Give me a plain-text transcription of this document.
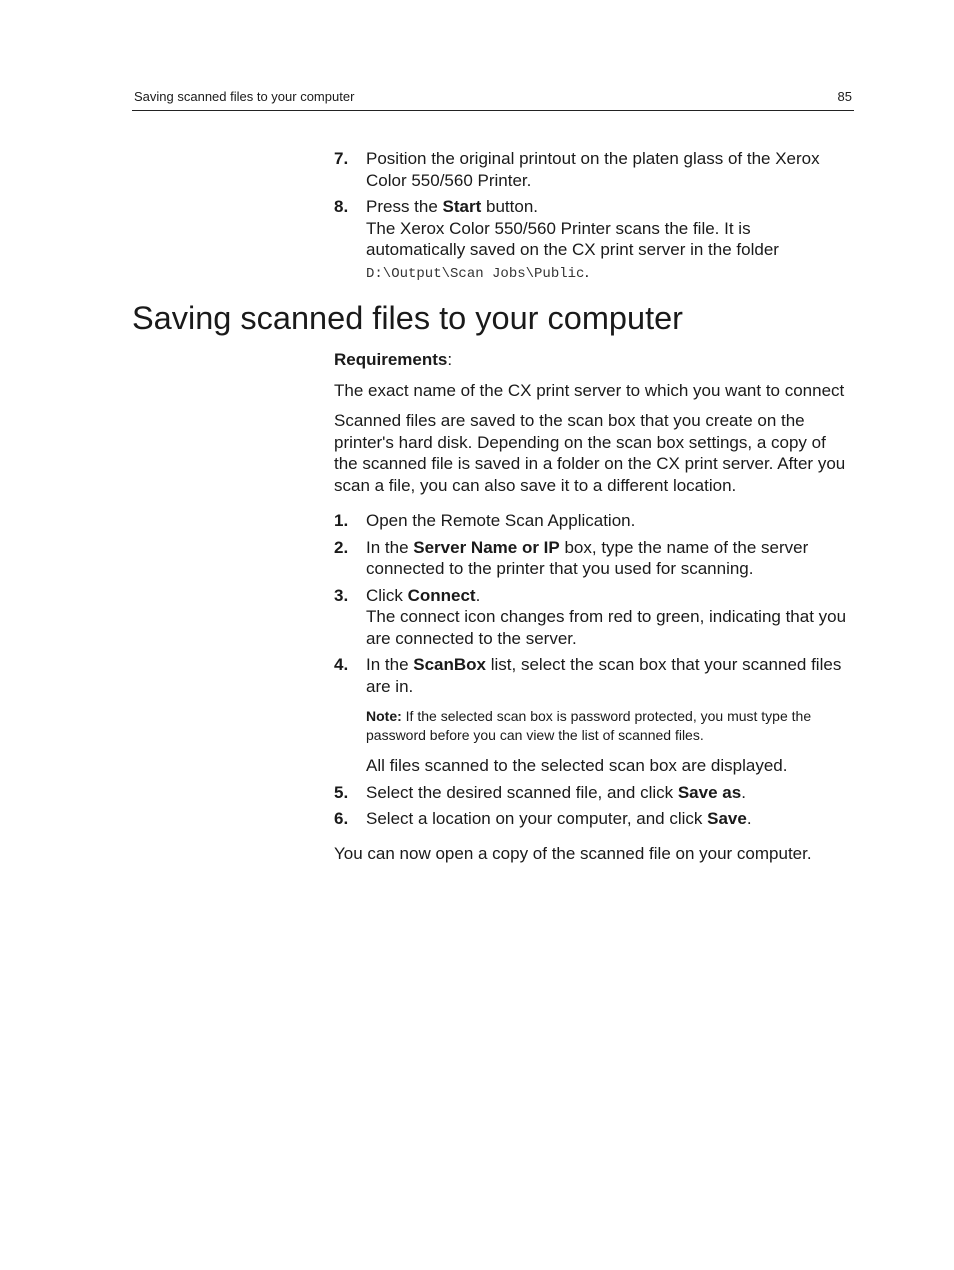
Saving scanned files to your computer	85
7. Position the original printout on the platen glass of the Xerox Color 550/560 Printer.
8. Press the Start button.
The Xerox Color 550/560 Printer scans the file. It is automatically saved on the CX print server in the folder D:\Output\Scan Jobs\Public.
Saving scanned files to your computer

Requirements:

The exact name of the CX print server to which you want to connect

Scanned files are saved to the scan box that you create on the printer's hard disk. Depending on the scan box settings, a copy of the scanned file is saved in a folder on the CX print server. After you scan a file, you can also save it to a different location.

1. Open the Remote Scan Application.
2. In the Server Name or IP box, type the name of the server connected to the printer that you used for scanning.
3. Click Connect.
The connect icon changes from red to green, indicating that you are connected to the server.
4. In the ScanBox list, select the scan box that your scanned files are in.

Note: If the selected scan box is password protected, you must type the password before you can view the list of scanned files.

All files scanned to the selected scan box are displayed.
5. Select the desired scanned file, and click Save as.
6. Select a location on your computer, and click Save.

You can now open a copy of the scanned file on your computer.
